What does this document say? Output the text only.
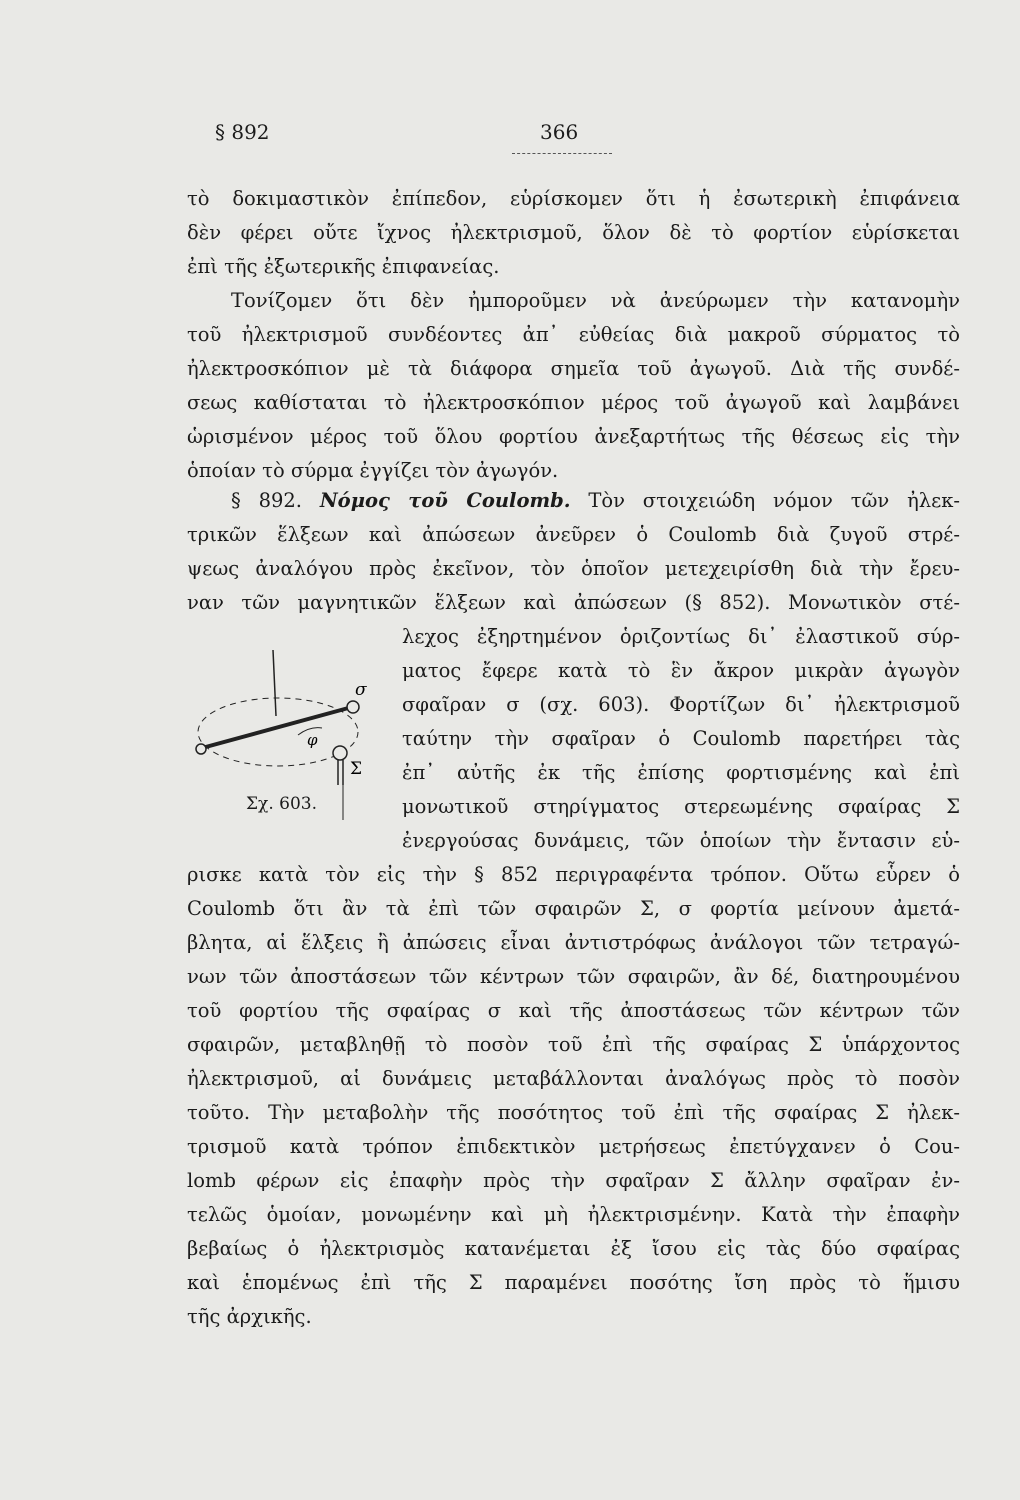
§ 892	366
τὸ δοκιμαστικὸν ἐπίπεδον, εὑρίσκομεν ὅτι ἡ ἐσωτερικὴ ἐπιφάνεια
δὲν φέρει οὔτε ἴχνος ἠλεκτρισμοῦ, ὅλον δὲ τὸ φορτίον εὑρίσκεται
ἐπὶ τῆς ἐξωτερικῆς ἐπιφανείας.
Τονίζομεν ὅτι δὲν ἠμποροῦμεν νὰ ἀνεύρωμεν τὴν κατανομὴν
τοῦ ἠλεκτρισμοῦ συνδέοντες ἀπ᾿ εὐθείας διὰ μακροῦ σύρματος τὸ
ἠλεκτροσκόπιον μὲ τὰ διάφορα σημεῖα τοῦ ἀγωγοῦ. Διὰ τῆς συνδέ-
σεως καθίσταται τὸ ἠλεκτροσκόπιον μέρος τοῦ ἀγωγοῦ καὶ λαμβάνει
ὡρισμένον μέρος τοῦ ὅλου φορτίου ἀνεξαρτήτως τῆς θέσεως εἰς τὴν
ὁποίαν τὸ σύρμα ἐγγίζει τὸν ἀγωγόν.
§ 892. Νόμος τοῦ Coulomb. Τὸν στοιχειώδη νόμον τῶν ἠλεκ-
τρικῶν ἕλξεων καὶ ἀπώσεων ἀνεῦρεν ὁ Coulomb διὰ ζυγοῦ στρέ-
ψεως ἀναλόγου πρὸς ἐκεῖνον, τὸν ὁποῖον μετεχειρίσθη διὰ τὴν ἔρευ-
ναν τῶν μαγνητικῶν ἕλξεων καὶ ἀπώσεων (§ 852). Μονωτικὸν στέ-
λεχος ἐξηρτημένον ὁριζοντίως δι᾿ ἐλαστικοῦ σύρ-
ματος ἔφερε κατὰ τὸ ἓν ἄκρον μικρὰν ἀγωγὸν
σφαῖραν σ (σχ. 603). Φορτίζων δι᾿ ἠλεκτρισμοῦ
ταύτην τὴν σφαῖραν ὁ Coulomb παρετήρει τὰς
ἐπ᾿ αὐτῆς ἐκ τῆς ἐπίσης φορτισμένης καὶ ἐπὶ
μονωτικοῦ στηρίγματος στερεωμένης σφαίρας Σ
ἐνεργούσας δυνάμεις, τῶν ὁποίων τὴν ἔντασιν εὑ-
σ
φ
Σ
Σχ. 603.
ρισκε κατὰ τὸν εἰς τὴν § 852 περιγραφέντα τρόπον. Οὕτω εὗρεν ὁ
Coulomb ὅτι ἂν τὰ ἐπὶ τῶν σφαιρῶν Σ, σ φορτία μείνουν ἀμετά-
βλητα, αἱ ἕλξεις ἢ ἀπώσεις εἶναι ἀντιστρόφως ἀνάλογοι τῶν τετραγώ-
νων τῶν ἀποστάσεων τῶν κέντρων τῶν σφαιρῶν, ἂν δέ, διατηρουμένου
τοῦ φορτίου τῆς σφαίρας σ καὶ τῆς ἀποστάσεως τῶν κέντρων τῶν
σφαιρῶν, μεταβληθῇ τὸ ποσὸν τοῦ ἐπὶ τῆς σφαίρας Σ ὑπάρχοντος
ἠλεκτρισμοῦ, αἱ δυνάμεις μεταβάλλονται ἀναλόγως πρὸς τὸ ποσὸν
τοῦτο. Τὴν μεταβολὴν τῆς ποσότητος τοῦ ἐπὶ τῆς σφαίρας Σ ἠλεκ-
τρισμοῦ κατὰ τρόπον ἐπιδεκτικὸν μετρήσεως ἐπετύγχανεν ὁ Cou-
lomb φέρων εἰς ἐπαφὴν πρὸς τὴν σφαῖραν Σ ἄλλην σφαῖραν ἐν-
τελῶς ὁμοίαν, μονωμένην καὶ μὴ ἠλεκτρισμένην. Κατὰ τὴν ἐπαφὴν
βεβαίως ὁ ἠλεκτρισμὸς κατανέμεται ἐξ ἴσου εἰς τὰς δύο σφαίρας
καὶ ἑπομένως ἐπὶ τῆς Σ παραμένει ποσότης ἴση πρὸς τὸ ἥμισυ
τῆς ἀρχικῆς.
